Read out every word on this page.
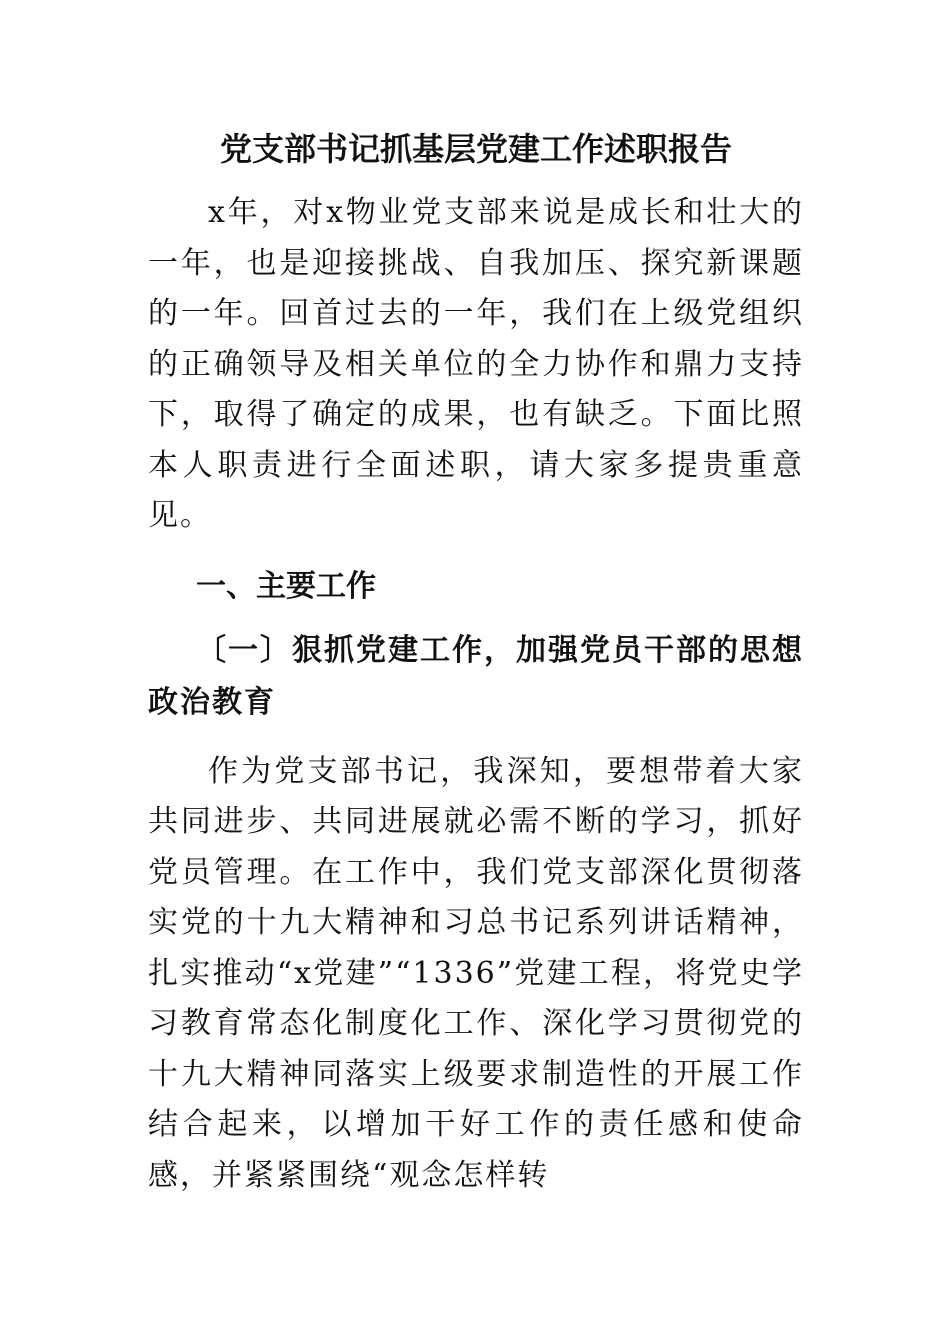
党支部书记抓基层党建工作述职报告

x年，对x物业党支部来说是成长和壮大的一年，也是迎接挑战、自我加压、探究新课题的一年。回首过去的一年，我们在上级党组织的正确领导及相关单位的全力协作和鼎力支持下，取得了确定的成果，也有缺乏。下面比照本人职责进行全面述职，请大家多提贵重意见。

一、主要工作
〔一〕狠抓党建工作，加强党员干部的思想政治教育

作为党支部书记，我深知，要想带着大家共同进步、共同进展就必需不断的学习，抓好党员管理。在工作中，我们党支部深化贯彻落实党的十九大精神和习总书记系列讲话精神，扎实推动“x党建”“1336”党建工程，将党史学习教育常态化制度化工作、深化学习贯彻党的十九大精神同落实上级要求制造性的开展工作结合起来，以增加干好工作的责任感和使命感，并紧紧围绕“观念怎样转
